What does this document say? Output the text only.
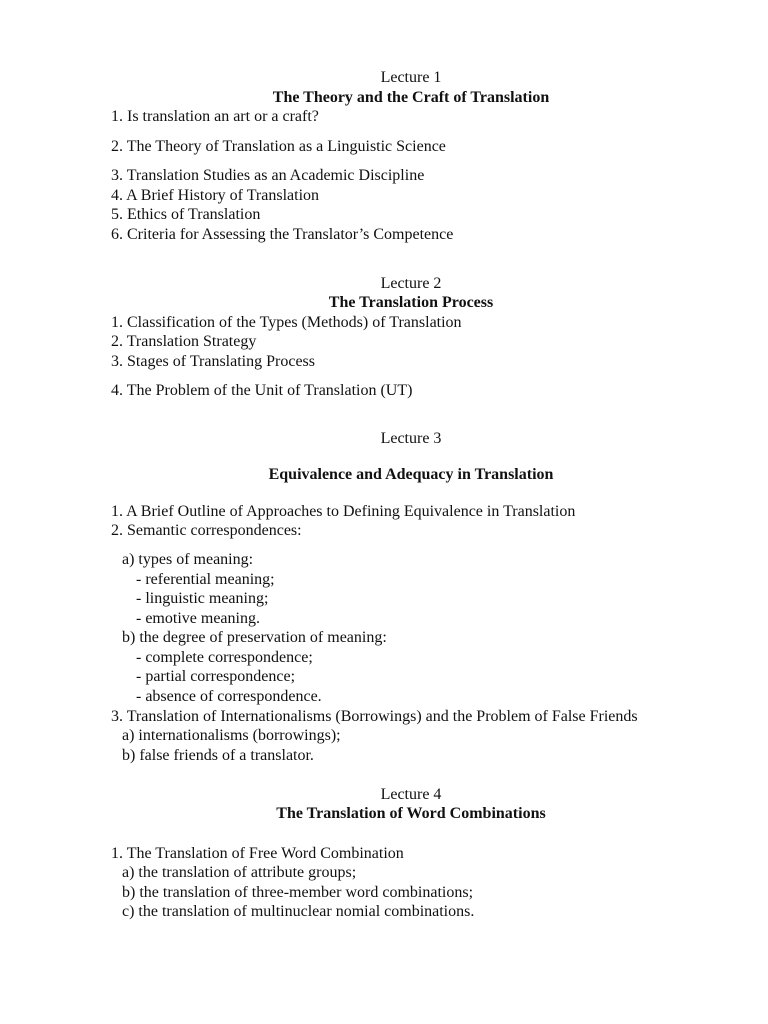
Lecture 1

The Theory and the Craft of Translation

1. Is translation an art or a craft?

2. The Theory of Translation as a Linguistic Science

3. Translation Studies as an Academic Discipline

4. A Brief History of Translation

5. Ethics of Translation

6. Criteria for Assessing the Translator’s Competence

Lecture 2

The Translation Process

1. Classification of the Types (Methods) of Translation

2. Translation Strategy

3. Stages of Translating Process

4. The Problem of the Unit of Translation (UT)

Lecture 3

Equivalence and Adequacy in Translation

1. A Brief Outline of Approaches to Defining Equivalence in Translation

2. Semantic correspondences:

a) types of meaning:

- referential meaning;

- linguistic meaning;

- emotive meaning.

b) the degree of preservation of meaning:

- complete correspondence;

- partial correspondence;

- absence of correspondence.

3. Translation of Internationalisms (Borrowings) and the Problem of False Friends

a) internationalisms (borrowings);

b) false friends of a translator.

Lecture 4

The Translation of Word Combinations

1. The Translation of Free Word Combination

a) the translation of attribute groups;

b) the translation of three-member word combinations;

c) the translation of multinuclear nomial combinations.
